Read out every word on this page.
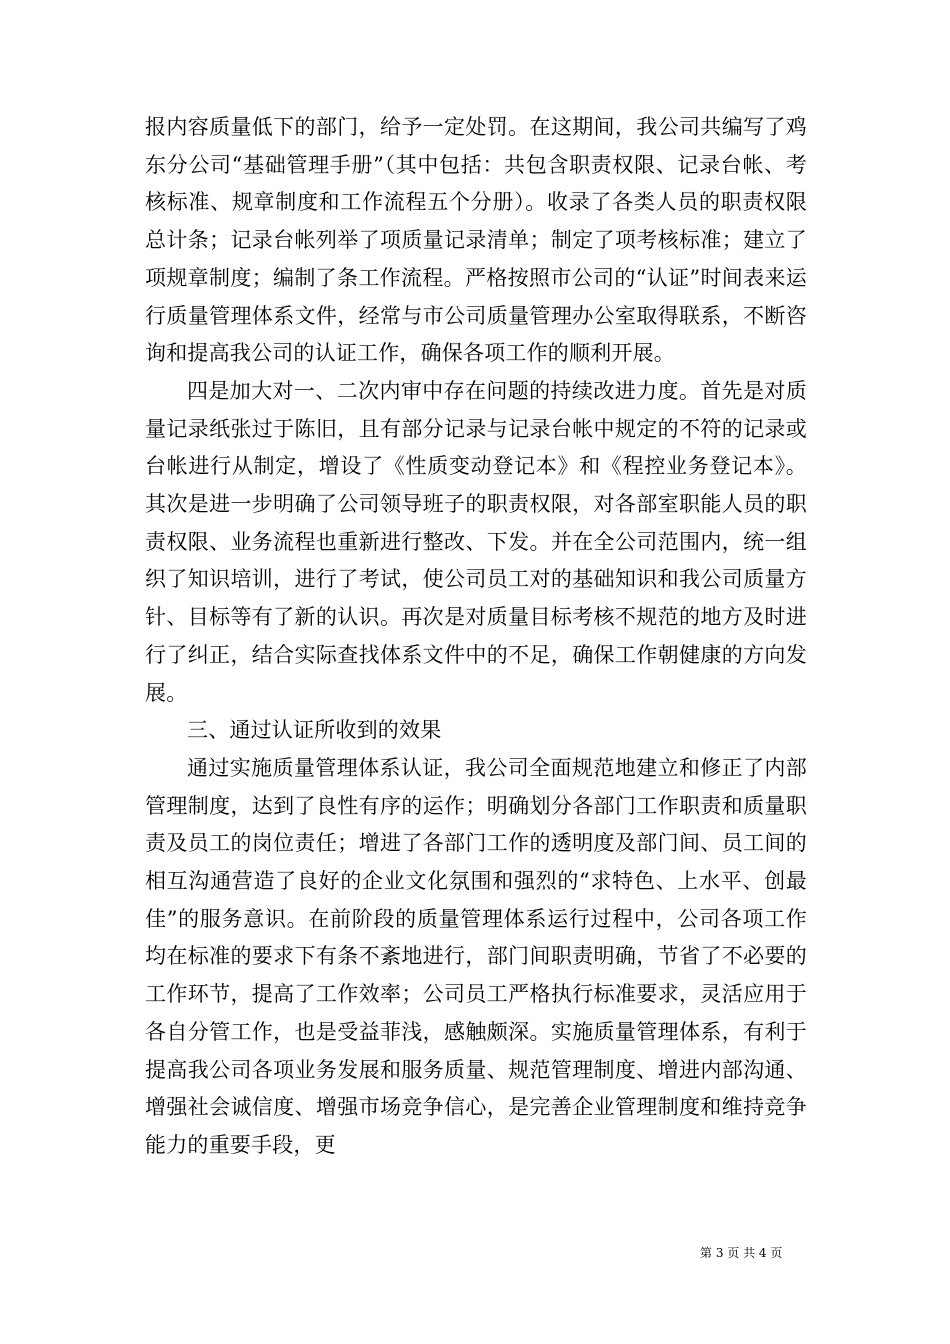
报内容质量低下的部门，给予一定处罚。在这期间，我公司共编写了鸡东分公司“基础管理手册”（其中包括：共包含职责权限、记录台帐、考核标准、规章制度和工作流程五个分册）。收录了各类人员的职责权限总计条；记录台帐列举了项质量记录清单；制定了项考核标准；建立了项规章制度；编制了条工作流程。严格按照市公司的“认证”时间表来运行质量管理体系文件，经常与市公司质量管理办公室取得联系，不断咨询和提高我公司的认证工作，确保各项工作的顺利开展。

四是加大对一、二次内审中存在问题的持续改进力度。首先是对质量记录纸张过于陈旧，且有部分记录与记录台帐中规定的不符的记录或台帐进行从制定，增设了《性质变动登记本》和《程控业务登记本》。其次是进一步明确了公司领导班子的职责权限，对各部室职能人员的职责权限、业务流程也重新进行整改、下发。并在全公司范围内，统一组织了知识培训，进行了考试，使公司员工对的基础知识和我公司质量方针、目标等有了新的认识。再次是对质量目标考核不规范的地方及时进行了纠正，结合实际查找体系文件中的不足，确保工作朝健康的方向发展。

三、通过认证所收到的效果

通过实施质量管理体系认证，我公司全面规范地建立和修正了内部管理制度，达到了良性有序的运作；明确划分各部门工作职责和质量职责及员工的岗位责任；增进了各部门工作的透明度及部门间、员工间的相互沟通营造了良好的企业文化氛围和强烈的“求特色、上水平、创最佳”的服务意识。在前阶段的质量管理体系运行过程中，公司各项工作均在标准的要求下有条不紊地进行，部门间职责明确，节省了不必要的工作环节，提高了工作效率；公司员工严格执行标准要求，灵活应用于各自分管工作，也是受益菲浅，感触颇深。实施质量管理体系，有利于提高我公司各项业务发展和服务质量、规范管理制度、增进内部沟通、增强社会诚信度、增强市场竞争信心，是完善企业管理制度和维持竞争能力的重要手段，更

第 3 页 共 4 页
